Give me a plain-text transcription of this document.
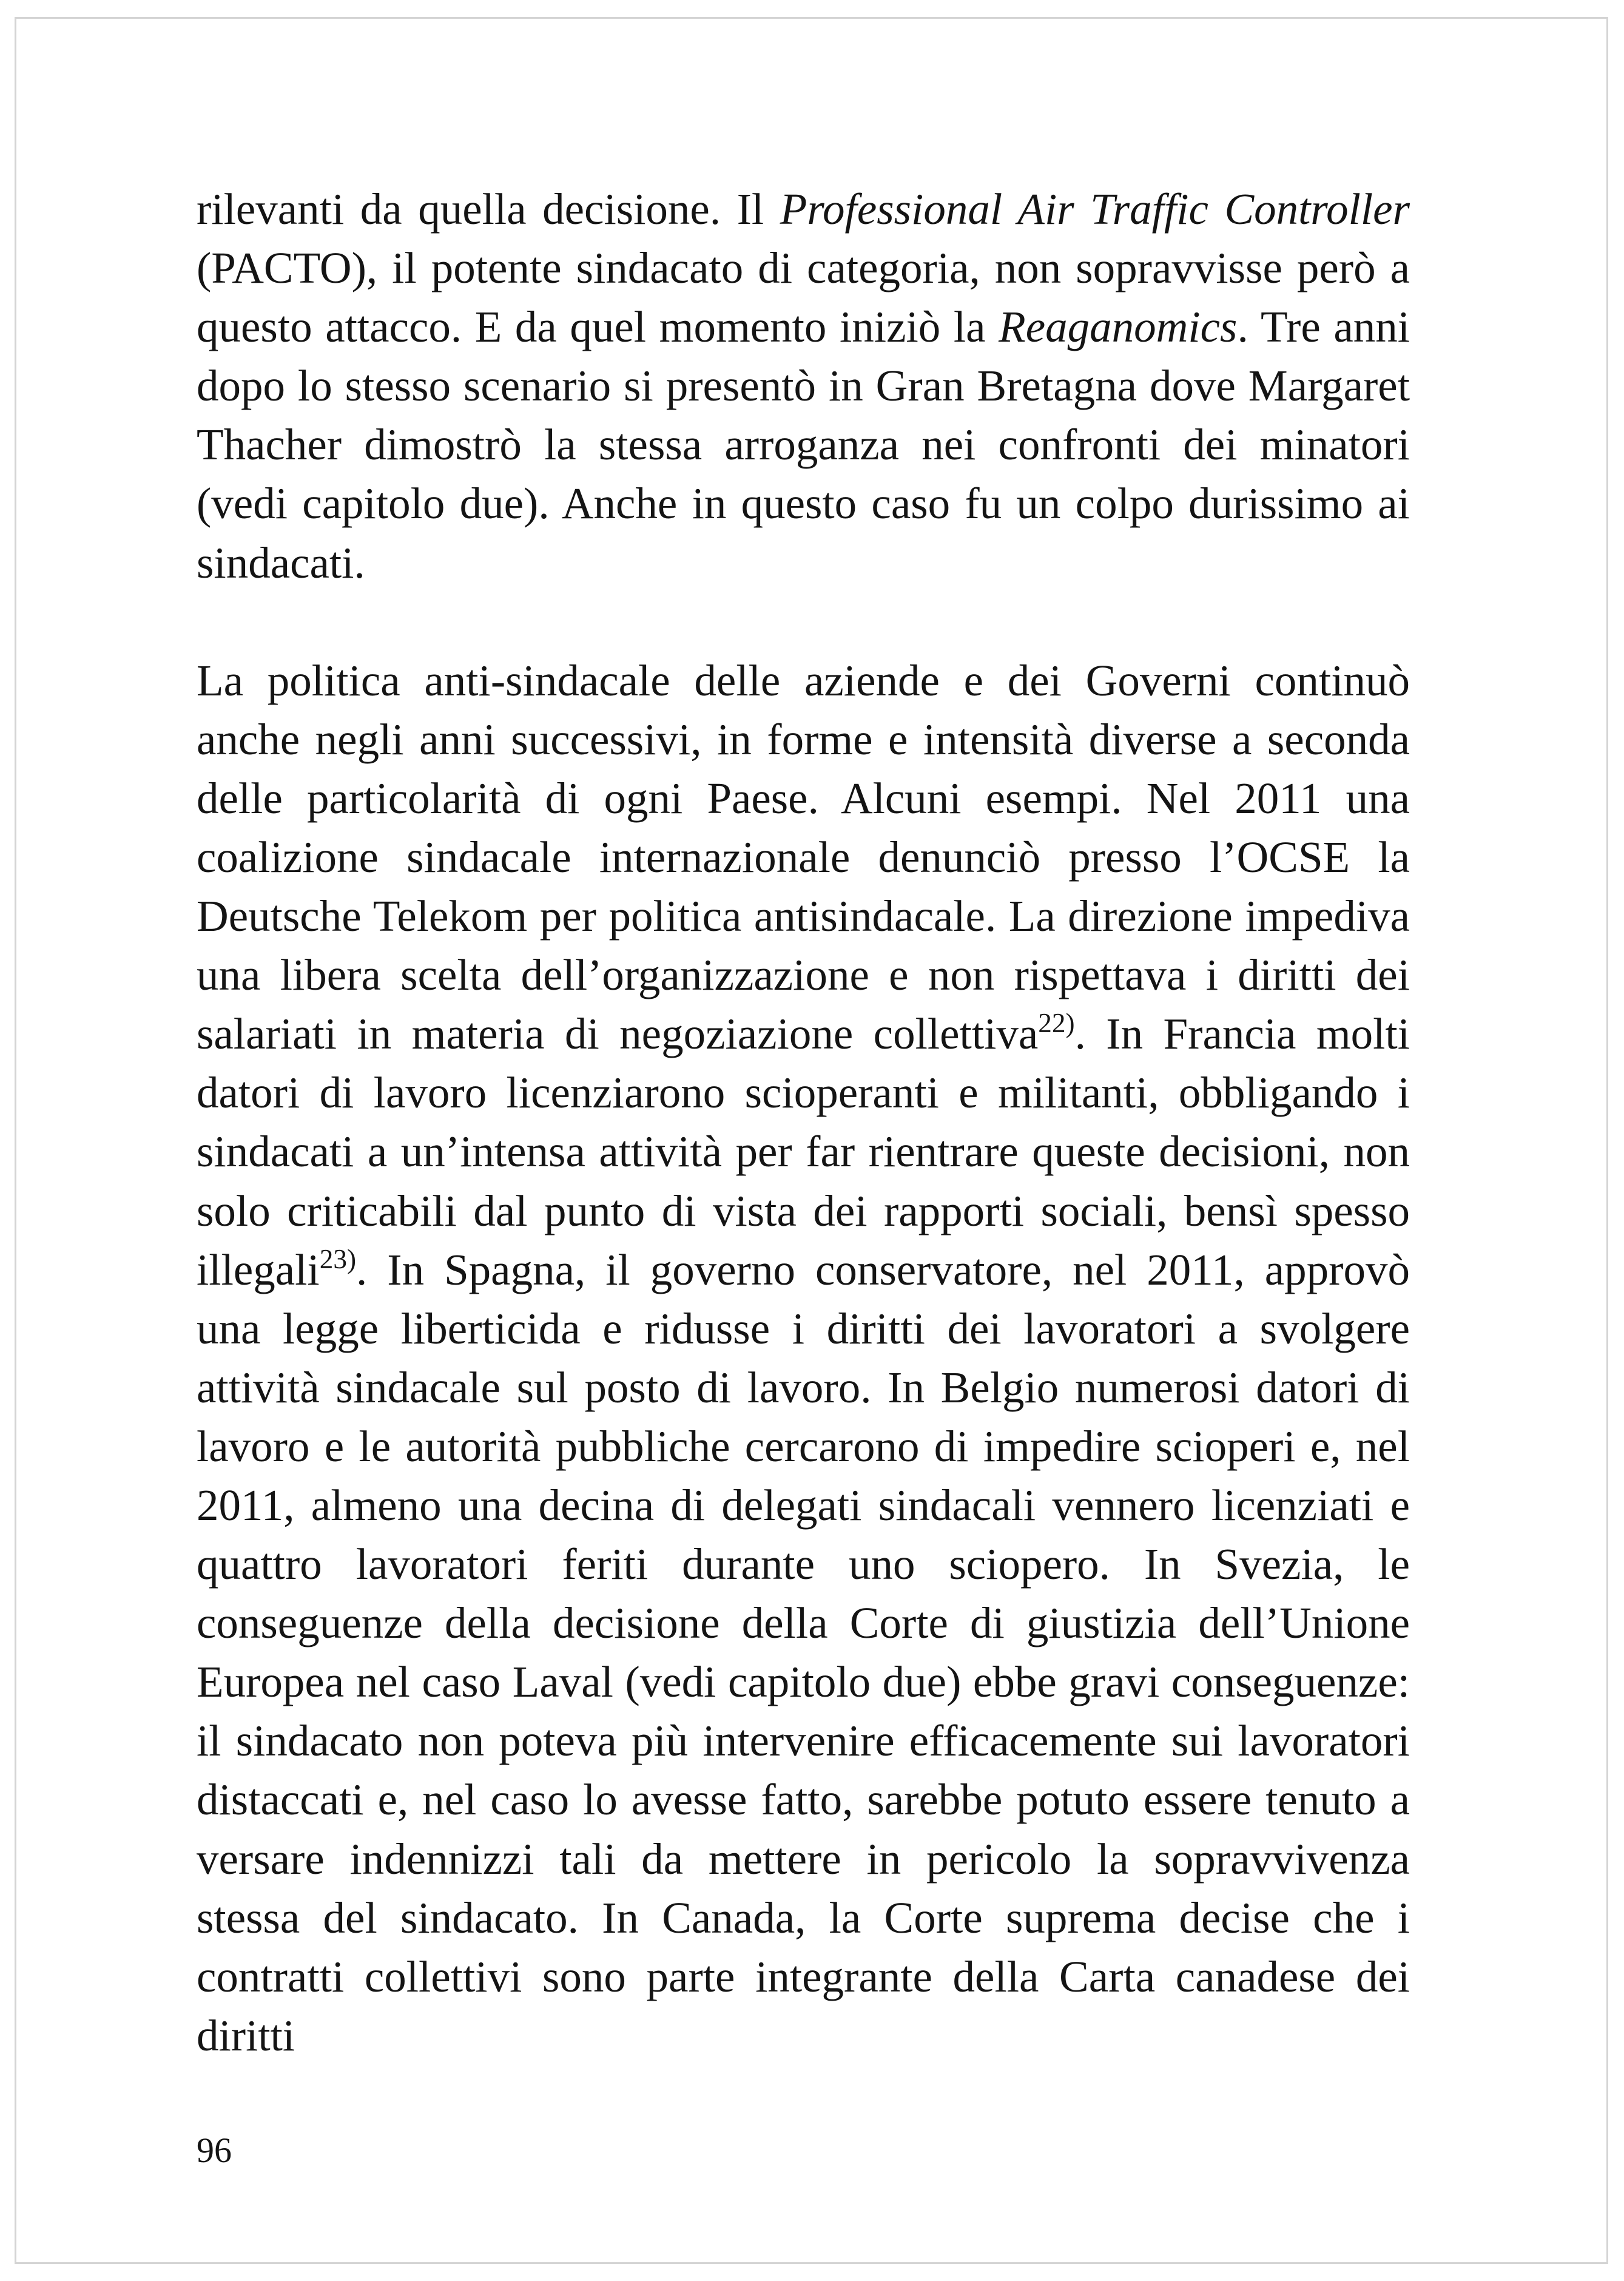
rilevanti da quella decisione. Il Professional Air Traffic Controller (PACTO), il potente sindacato di categoria, non sopravvisse però a questo attacco. E da quel momento iniziò la Reaganomics. Tre anni dopo lo stesso scenario si presentò in Gran Bretagna dove Margaret Thacher dimostrò la stessa arroganza nei confronti dei minatori (vedi capitolo due). Anche in questo caso fu un colpo durissimo ai sindacati.

La politica anti-sindacale delle aziende e dei Governi continuò anche negli anni successivi, in forme e intensità diverse a seconda delle particolarità di ogni Paese. Alcuni esempi. Nel 2011 una coalizione sindacale internazionale denunciò presso l’OCSE la Deutsche Telekom per politica antisindacale. La direzione impediva una libera scelta dell’organizzazione e non rispettava i diritti dei salariati in materia di negoziazione collettiva$^{22)}$. In Francia molti datori di lavoro licenziarono scioperanti e militanti, obbligando i sindacati a un’intensa attività per far rientrare queste decisioni, non solo criticabili dal punto di vista dei rapporti sociali, bensì spesso illegali$^{23)}$. In Spagna, il governo conservatore, nel 2011, approvò una legge liberticida e ridusse i diritti dei lavoratori a svolgere attività sindacale sul posto di lavoro. In Belgio numerosi datori di lavoro e le autorità pubbliche cercarono di impedire scioperi e, nel 2011, almeno una decina di delegati sindacali vennero licenziati e quattro lavoratori feriti durante uno sciopero. In Svezia, le conseguenze della decisione della Corte di giustizia dell’Unione Europea nel caso Laval (vedi capitolo due) ebbe gravi conseguenze: il sindacato non poteva più intervenire efficacemente sui lavoratori distaccati e, nel caso lo avesse fatto, sarebbe potuto essere tenuto a versare indennizzi tali da mettere in pericolo la sopravvivenza stessa del sindacato. In Canada, la Corte suprema decise che i contratti collettivi sono parte integrante della Carta canadese dei diritti

96
